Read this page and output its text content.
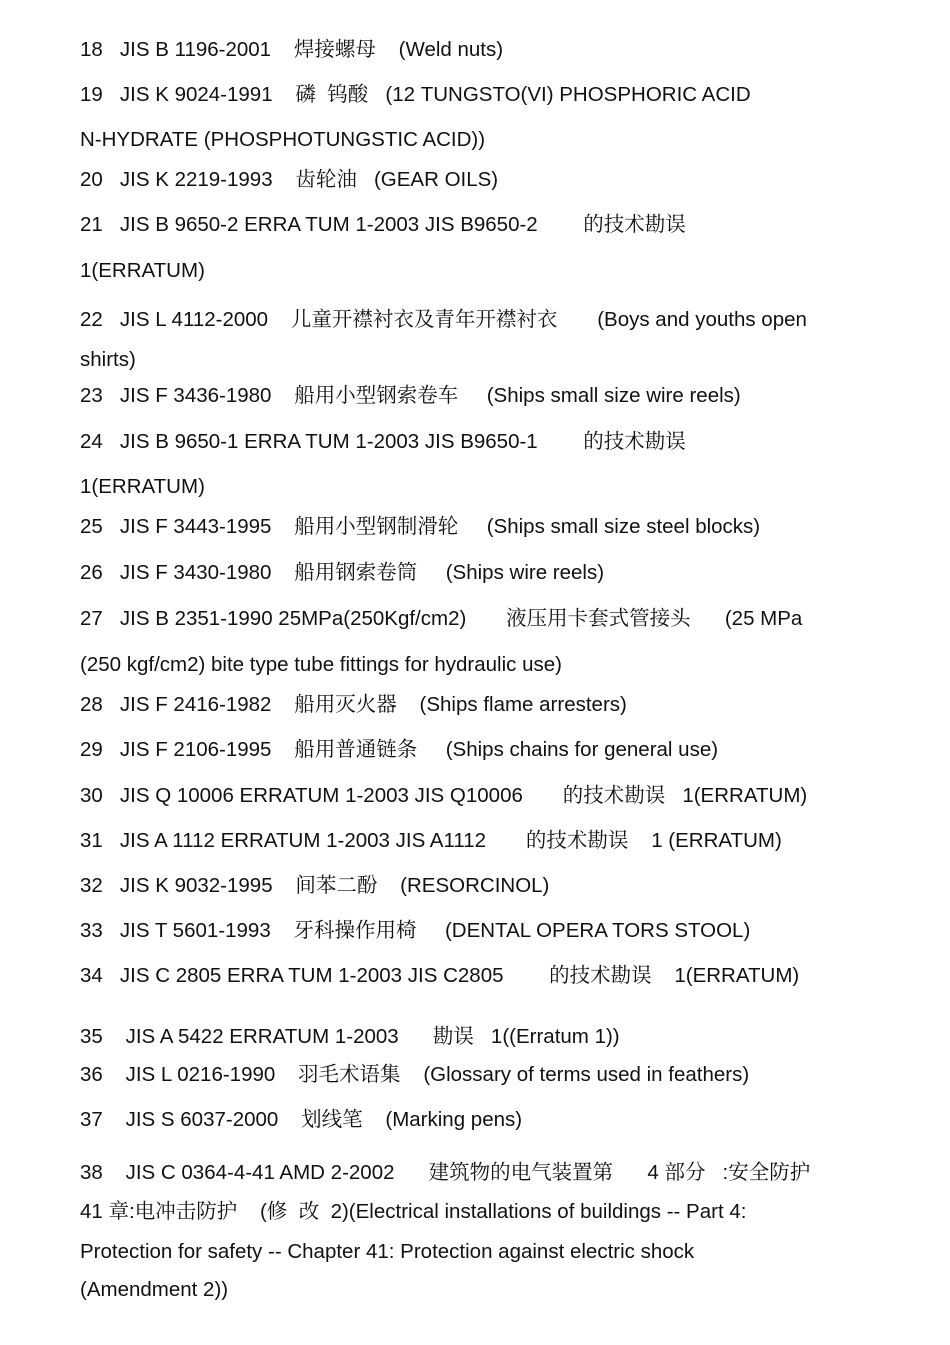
18   JIS B 1196-2001    焊接螺母    (Weld nuts)
19   JIS K 9024-1991    磷  钨酸   (12 TUNGSTO(VI) PHOSPHORIC ACID
N-HYDRATE (PHOSPHOTUNGSTIC ACID))
20   JIS K 2219-1993    齿轮油   (GEAR OILS)
21   JIS B 9650-2 ERRA TUM 1-2003 JIS B9650-2        的技术勘误
1(ERRATUM)
22   JIS L 4112-2000    儿童开襟衬衣及青年开襟衬衣       (Boys and youths open
shirts)
23   JIS F 3436-1980    船用小型钢索卷车     (Ships small size wire reels)
24   JIS B 9650-1 ERRA TUM 1-2003 JIS B9650-1        的技术勘误
1(ERRATUM)
25   JIS F 3443-1995    船用小型钢制滑轮     (Ships small size steel blocks)
26   JIS F 3430-1980    船用钢索卷筒     (Ships wire reels)
27   JIS B 2351-1990 25MPa(250Kgf/cm2)       液压用卡套式管接头      (25 MPa
(250 kgf/cm2) bite type tube fittings for hydraulic use)
28   JIS F 2416-1982    船用灭火器    (Ships flame arresters)
29   JIS F 2106-1995    船用普通链条     (Ships chains for general use)
30   JIS Q 10006 ERRATUM 1-2003 JIS Q10006       的技术勘误   1(ERRATUM)
31   JIS A 1112 ERRATUM 1-2003 JIS A1112       的技术勘误    1 (ERRATUM)
32   JIS K 9032-1995    间苯二酚    (RESORCINOL)
33   JIS T 5601-1993    牙科操作用椅     (DENTAL OPERA TORS STOOL)
34   JIS C 2805 ERRA TUM 1-2003 JIS C2805        的技术勘误    1(ERRATUM)
35    JIS A 5422 ERRATUM 1-2003      勘误   1((Erratum 1))
36    JIS L 0216-1990    羽毛术语集    (Glossary of terms used in feathers)
37    JIS S 6037-2000    划线笔    (Marking pens)
38    JIS C 0364-4-41 AMD 2-2002      建筑物的电气装置第      4 部分   :安全防护
41 章:电冲击防护    (修  改  2)(Electrical installations of buildings -- Part 4:
Protection for safety -- Chapter 41: Protection against electric shock
(Amendment 2))
